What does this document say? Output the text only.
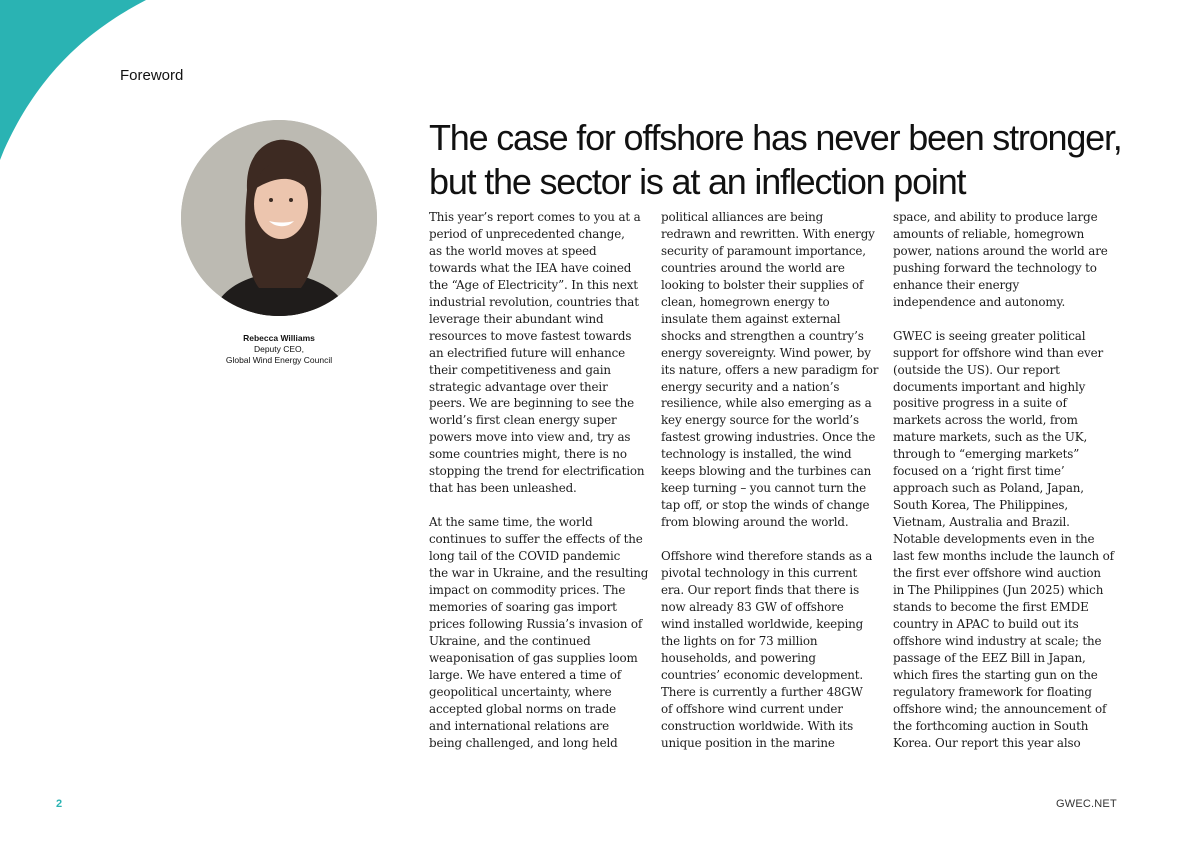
Foreword
Rebecca Williams
Deputy CEO,
Global Wind Energy Council
The case for offshore has never been stronger,
but the sector is at an inflection point

This year’s report comes to you at a
period of unprecedented change,
as the world moves at speed
towards what the IEA have coined
the “Age of Electricity”. In this next
industrial revolution, countries that
leverage their abundant wind
resources to move fastest towards
an electrified future will enhance
their competitiveness and gain
strategic advantage over their
peers. We are beginning to see the
world’s first clean energy super
powers move into view and, try as
some countries might, there is no
stopping the trend for electrification
that has been unleashed.

At the same time, the world
continues to suffer the effects of the
long tail of the COVID pandemic
the war in Ukraine, and the resulting
impact on commodity prices. The
memories of soaring gas import
prices following Russia’s invasion of
Ukraine, and the continued
weaponisation of gas supplies loom
large. We have entered a time of
geopolitical uncertainty, where
accepted global norms on trade
and international relations are
being challenged, and long held

political alliances are being
redrawn and rewritten. With energy
security of paramount importance,
countries around the world are
looking to bolster their supplies of
clean, homegrown energy to
insulate them against external
shocks and strengthen a country’s
energy sovereignty. Wind power, by
its nature, offers a new paradigm for
energy security and a nation’s
resilience, while also emerging as a
key energy source for the world’s
fastest growing industries. Once the
technology is installed, the wind
keeps blowing and the turbines can
keep turning – you cannot turn the
tap off, or stop the winds of change
from blowing around the world.

Offshore wind therefore stands as a
pivotal technology in this current
era. Our report finds that there is
now already 83 GW of offshore
wind installed worldwide, keeping
the lights on for 73 million
households, and powering
countries’ economic development.
There is currently a further 48GW
of offshore wind current under
construction worldwide. With its
unique position in the marine

space, and ability to produce large
amounts of reliable, homegrown
power, nations around the world are
pushing forward the technology to
enhance their energy
independence and autonomy.

GWEC is seeing greater political
support for offshore wind than ever
(outside the US). Our report
documents important and highly
positive progress in a suite of
markets across the world, from
mature markets, such as the UK,
through to “emerging markets”
focused on a ‘right first time’
approach such as Poland, Japan,
South Korea, The Philippines,
Vietnam, Australia and Brazil.
Notable developments even in the
last few months include the launch of
the first ever offshore wind auction
in The Philippines (Jun 2025) which
stands to become the first EMDE
country in APAC to build out its
offshore wind industry at scale; the
passage of the EEZ Bill in Japan,
which fires the starting gun on the
regulatory framework for floating
offshore wind; the announcement of
the forthcoming auction in South
Korea. Our report this year also

2	GWEC.NET
